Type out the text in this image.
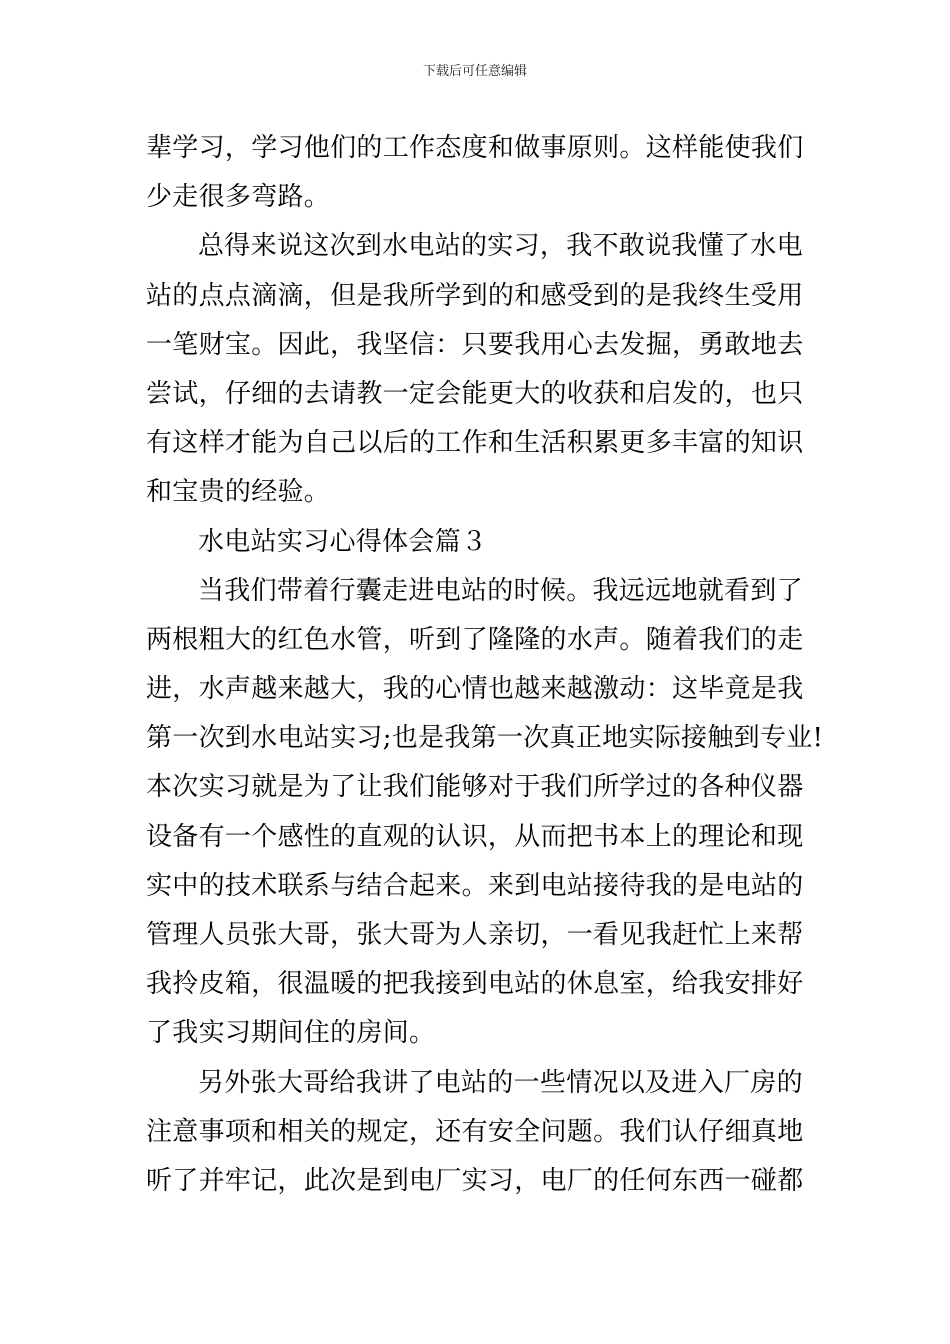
下载后可任意编辑
辈学习，学习他们的工作态度和做事原则。这样能使我们
少走很多弯路。
总得来说这次到水电站的实习，我不敢说我懂了水电
站的点点滴滴，但是我所学到的和感受到的是我终生受用
一笔财宝。因此，我坚信：只要我用心去发掘，勇敢地去
尝试，仔细的去请教一定会能更大的收获和启发的，也只
有这样才能为自己以后的工作和生活积累更多丰富的知识
和宝贵的经验。
水电站实习心得体会篇３
当我们带着行囊走进电站的时候。我远远地就看到了
两根粗大的红色水管，听到了隆隆的水声。随着我们的走
进，水声越来越大，我的心情也越来越激动：这毕竟是我
第一次到水电站实习;也是我第一次真正地实际接触到专业!
本次实习就是为了让我们能够对于我们所学过的各种仪器
设备有一个感性的直观的认识，从而把书本上的理论和现
实中的技术联系与结合起来。来到电站接待我的是电站的
管理人员张大哥，张大哥为人亲切，一看见我赶忙上来帮
我拎皮箱，很温暖的把我接到电站的休息室，给我安排好
了我实习期间住的房间。
另外张大哥给我讲了电站的一些情况以及进入厂房的
注意事项和相关的规定，还有安全问题。我们认仔细真地
听了并牢记，此次是到电厂实习，电厂的任何东西一碰都
